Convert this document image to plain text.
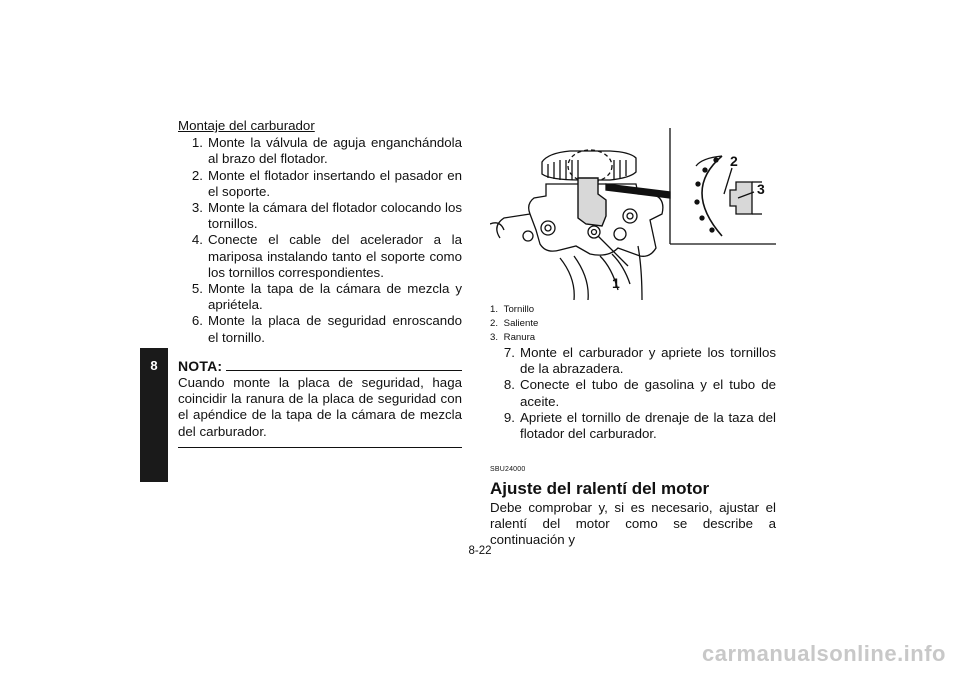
8
Montaje del carburador
1. Monte la válvula de aguja enganchándola al brazo del flotador.
2. Monte el flotador insertando el pasador en el soporte.
3. Monte la cámara del flotador colocando los tornillos.
4. Conecte el cable del acelerador a la mariposa instalando tanto el soporte como los tornillos correspondientes.
5. Monte la tapa de la cámara de mezcla y apriétela.
6. Monte la placa de seguridad enroscando el tornillo.
NOTA:
Cuando monte la placa de seguridad, haga coincidir la ranura de la placa de seguridad con el apéndice de la tapa de la cámara de mezcla del carburador.
1
2
3
1.
Tornillo
2.
Saliente
3.
Ranura
7. Monte el carburador y apriete los tornillos de la abrazadera.
8. Conecte el tubo de gasolina y el tubo de aceite.
9. Apriete el tornillo de drenaje de la taza del flotador del carburador.
SBU24000
Ajuste del ralentí del motor
Debe comprobar y, si es necesario, ajustar el ralentí del motor como se describe a continuación y
8-22
carmanualsonline.info
